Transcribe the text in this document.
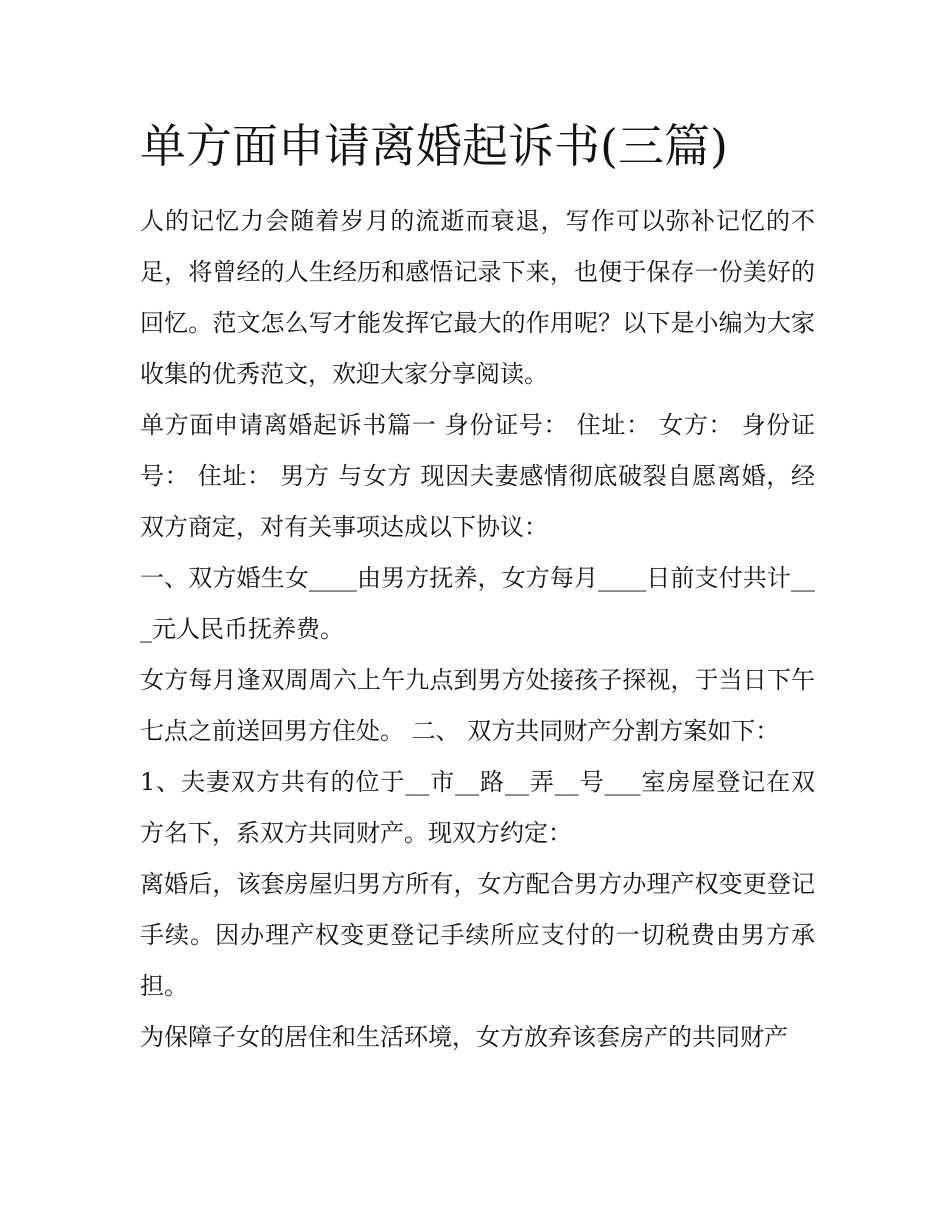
单方面申请离婚起诉书(三篇)

人的记忆力会随着岁月的流逝而衰退，写作可以弥补记忆的不足，将曾经的人生经历和感悟记录下来，也便于保存一份美好的回忆。范文怎么写才能发挥它最大的作用呢？以下是小编为大家收集的优秀范文，欢迎大家分享阅读。

单方面申请离婚起诉书篇一 身份证号： 住址： 女方： 身份证号： 住址： 男方 与女方 现因夫妻感情彻底破裂自愿离婚，经双方商定，对有关事项达成以下协议：

一、双方婚生女____由男方抚养，女方每月____日前支付共计___元人民币抚养费。

女方每月逢双周周六上午九点到男方处接孩子探视，于当日下午七点之前送回男方住处。 二、 双方共同财产分割方案如下：

1、夫妻双方共有的位于__市__路__弄__号___室房屋登记在双方名下，系双方共同财产。现双方约定：

离婚后，该套房屋归男方所有，女方配合男方办理产权变更登记手续。因办理产权变更登记手续所应支付的一切税费由男方承担。

为保障子女的居住和生活环境，女方放弃该套房产的共同财产
